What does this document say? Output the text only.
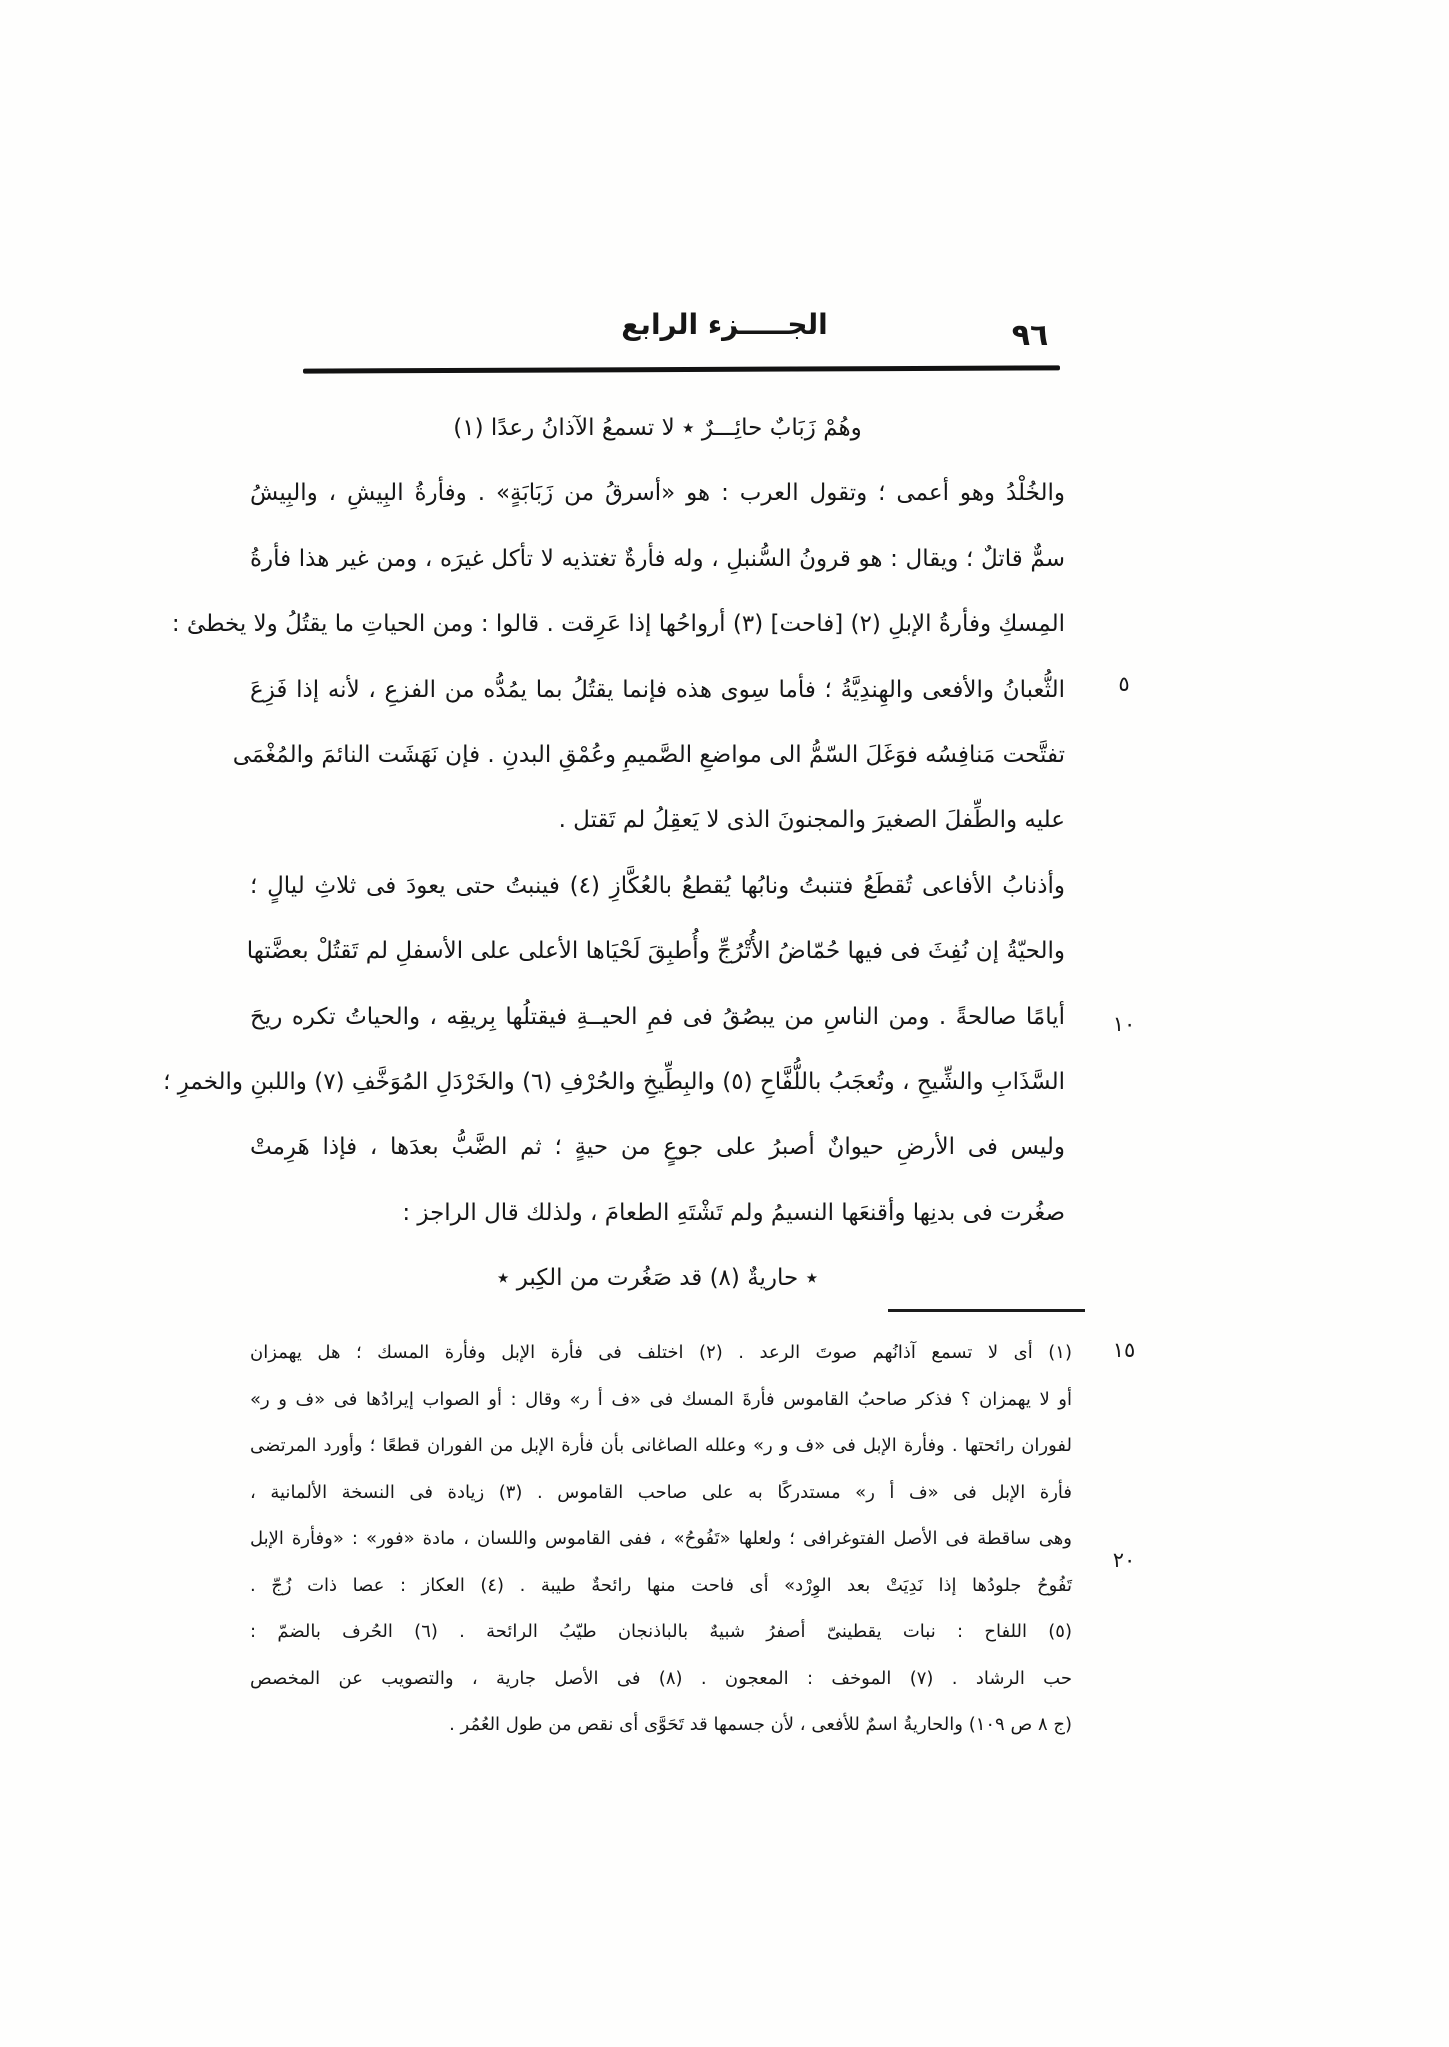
الجـــــزء الرابع	٩٦
٥
١٠
١٥
٢٠
وهُمْ زَبَابٌ حائِـــرٌ ٭ لا تسمعُ الآذانُ رعدًا (١)
والخُلْدُ وهو أعمى ؛ وتقول العرب : هو «أسرقُ من زَبَابَةٍ» . وفأرةُ البِيشِ ، والبِيشُ
سمٌّ قاتلٌ ؛ ويقال : هو قرونُ السُّنبلِ ، وله فأرةٌ تغتذيه لا تأكل غيرَه ، ومن غير هذا فأرةُ
المِسكِ وفأرةُ الإبلِ (٢) [فاحت] (٣) أرواحُها إذا عَرِقت . قالوا : ومن الحياتِ ما يقتُلُ ولا يخطئ :
الثُّعبانُ والأفعى والهِندِيَّةُ ؛ فأما سِوى هذه فإنما يقتُلُ بما يمُدُّه من الفزعِ ، لأنه إذا فَزِعَ
تفتَّحت مَنافِسُه فوَغَلَ السّمُّ الى مواضعِ الصَّميمِ وعُمْقِ البدنِ . فإن نَهَشَت النائمَ والمُغْمَى
عليه والطِّفلَ الصغيرَ والمجنونَ الذى لا يَعقِلُ لم تَقتل .
وأذنابُ الأفاعى تُقطَعُ فتنبتُ ونابُها يُقطعُ بالعُكَّازِ (٤) فينبتُ حتى يعودَ فى ثلاثِ ليالٍ ؛
والحيّةُ إن نُفِثَ فى فيها حُمّاضُ الأُتْرُجِّ وأُطبِقَ لَحْيَاها الأعلى على الأسفلِ لم تَقتُلْ بعضَّتها
أيامًا صالحةً . ومن الناسِ من يبصُقُ فى فمِ الحيــةِ فيقتلُها بِريقِه ، والحياتُ تكره ريحَ
السَّذَابِ والشِّيحِ ، وتُعجَبُ باللُّفَّاحِ (٥) والبِطِّيخِ والحُرْفِ (٦) والخَرْدَلِ المُوَخَّفِ (٧) واللبنِ والخمرِ ؛
وليس فى الأرضِ حيوانٌ أصبرُ على جوعٍ من حيةٍ ؛ ثم الضَّبُّ بعدَها ، فإذا هَرِمتْ
صغُرت فى بدنِها وأقنعَها النسيمُ ولم تَشْتَهِ الطعامَ ، ولذلك قال الراجز :
٭ حاريةٌ (٨) قد صَغُرت من الكِبر ٭
(١) أى لا تسمع آذانُهم صوتَ الرعد . (٢) اختلف فى فأرة الإبل وفأرة المسك ؛ هل يهمزان
أو لا يهمزان ؟ فذكر صاحبُ القاموس فأرةَ المسك فى «ف أ ر» وقال : أو الصواب إيرادُها فى «ف و ر»
لفوران رائحتها . وفأرة الإبل فى «ف و ر» وعلله الصاغانى بأن فأرة الإبل من الفوران قطعًا ؛ وأورد المرتضى
فأرة الإبل فى «ف أ ر» مستدركًا به على صاحب القاموس . (٣) زيادة فى النسخة الألمانية ،
وهى ساقطة فى الأصل الفتوغرافى ؛ ولعلها «تَفُوحُ» ، ففى القاموس واللسان ، مادة «فور» : «وفأرة الإبل
تَفُوحُ جلودُها إذا نَدِيَتْ بعد الوِرْد» أى فاحت منها رائحةٌ طيبة . (٤) العكاز : عصا ذات زُجّ .
(٥) اللفاح : نبات يقطينىّ أصفرُ شبيهٌ بالباذنجان طيّبُ الرائحة . (٦) الحُرف بالضمّ :
حب الرشاد . (٧) الموخف : المعجون . (٨) فى الأصل جارية ، والتصويب عن المخصص
(ج ٨ ص ١٠٩) والحاريةُ اسمٌ للأفعى ، لأن جسمها قد تَحَوَّى أى نقص من طول العُمُر .
